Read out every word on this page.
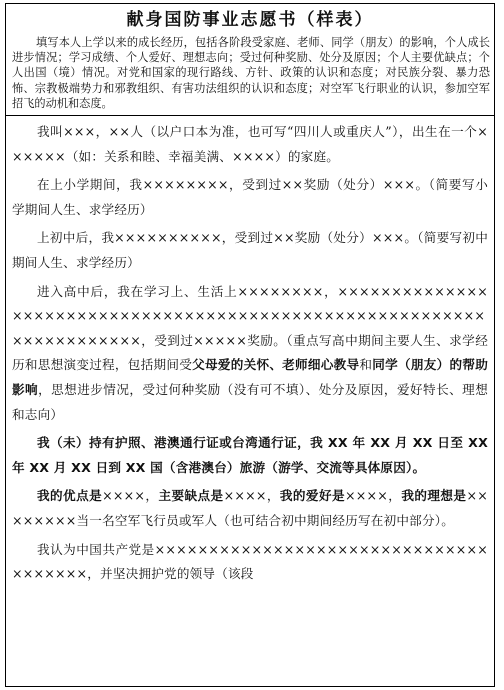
献身国防事业志愿书（样表）
填写本人上学以来的成长经历，包括各阶段受家庭、老师、同学（朋友）的影响，个人成长进步情况；学习成绩、个人爱好、理想志向；受过何种奖励、处分及原因；个人主要优缺点；个人出国（境）情况。对党和国家的现行路线、方针、政策的认识和态度；对民族分裂、暴力恐怖、宗教极端势力和邪教组织、有害功法组织的认识和态度；对空军飞行职业的认识，参加空军招飞的动机和态度。

我叫×××，××人（以户口本为准，也可写“四川人或重庆人”），出生在一个××××××（如：关系和睦、幸福美满、××××）的家庭。

在上小学期间，我××××××××，受到过××奖励（处分）×××。（简要写小学期间人生、求学经历）

上初中后，我××××××××××，受到过××奖励（处分）×××。（简要写初中期间人生、求学经历）

进入高中后，我在学习上、生活上××××××××，××××××××××××××××××××××××××××××××××××××××××××××××××××××××××××××××××××××，受到过×××××奖励。（重点写高中期间主要人生、求学经历和思想演变过程，包括期间受父母爱的关怀、老师细心教导和同学（朋友）的帮助影响，思想进步情况，受过何种奖励（没有可不填）、处分及原因，爱好特长、理想和志向）

我（未）持有护照、港澳通行证或台湾通行证，我 XX 年 XX 月 XX 日至 XX 年 XX 月 XX 日到 XX 国（含港澳台）旅游（游学、交流等具体原因）。

我的优点是××××，主要缺点是××××，我的爱好是××××，我的理想是××××××××当一名空军飞行员或军人（也可结合初中期间经历写在初中部分）。

我认为中国共产党是××××××××××××××××××××××××××××××××××××××，并坚决拥护党的领导（该段
